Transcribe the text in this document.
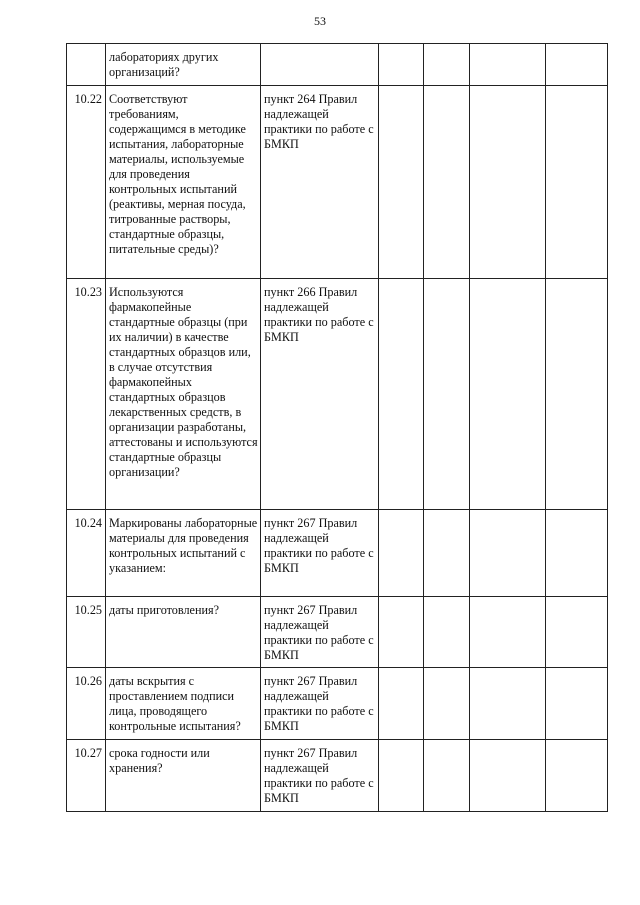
53
	лабораториях других организаций?					
10.22	Соответствуют требованиям, содержащимся в методике испытания, лабораторные материалы, используемые для проведения контрольных испытаний (реактивы, мерная посуда, титрованные растворы, стандартные образцы, питательные среды)?	пункт 264 Правил надлежащей практики по работе с БМКП				
10.23	Используются фармакопейные стандартные образцы (при их наличии) в качестве стандартных образцов или, в случае отсутствия фармакопейных стандартных образцов лекарственных средств, в организации разработаны, аттестованы и используются стандартные образцы организации?	пункт 266 Правил надлежащей практики по работе с БМКП				
10.24	Маркированы лабораторные материалы для проведения контрольных испытаний с указанием:	пункт 267 Правил надлежащей практики по работе с БМКП				
10.25	даты приготовления?	пункт 267 Правил надлежащей практики по работе с БМКП				
10.26	даты вскрытия с проставлением подписи лица, проводящего контрольные испытания?	пункт 267 Правил надлежащей практики по работе с БМКП				
10.27	срока годности или хранения?	пункт 267 Правил надлежащей практики по работе с БМКП				
